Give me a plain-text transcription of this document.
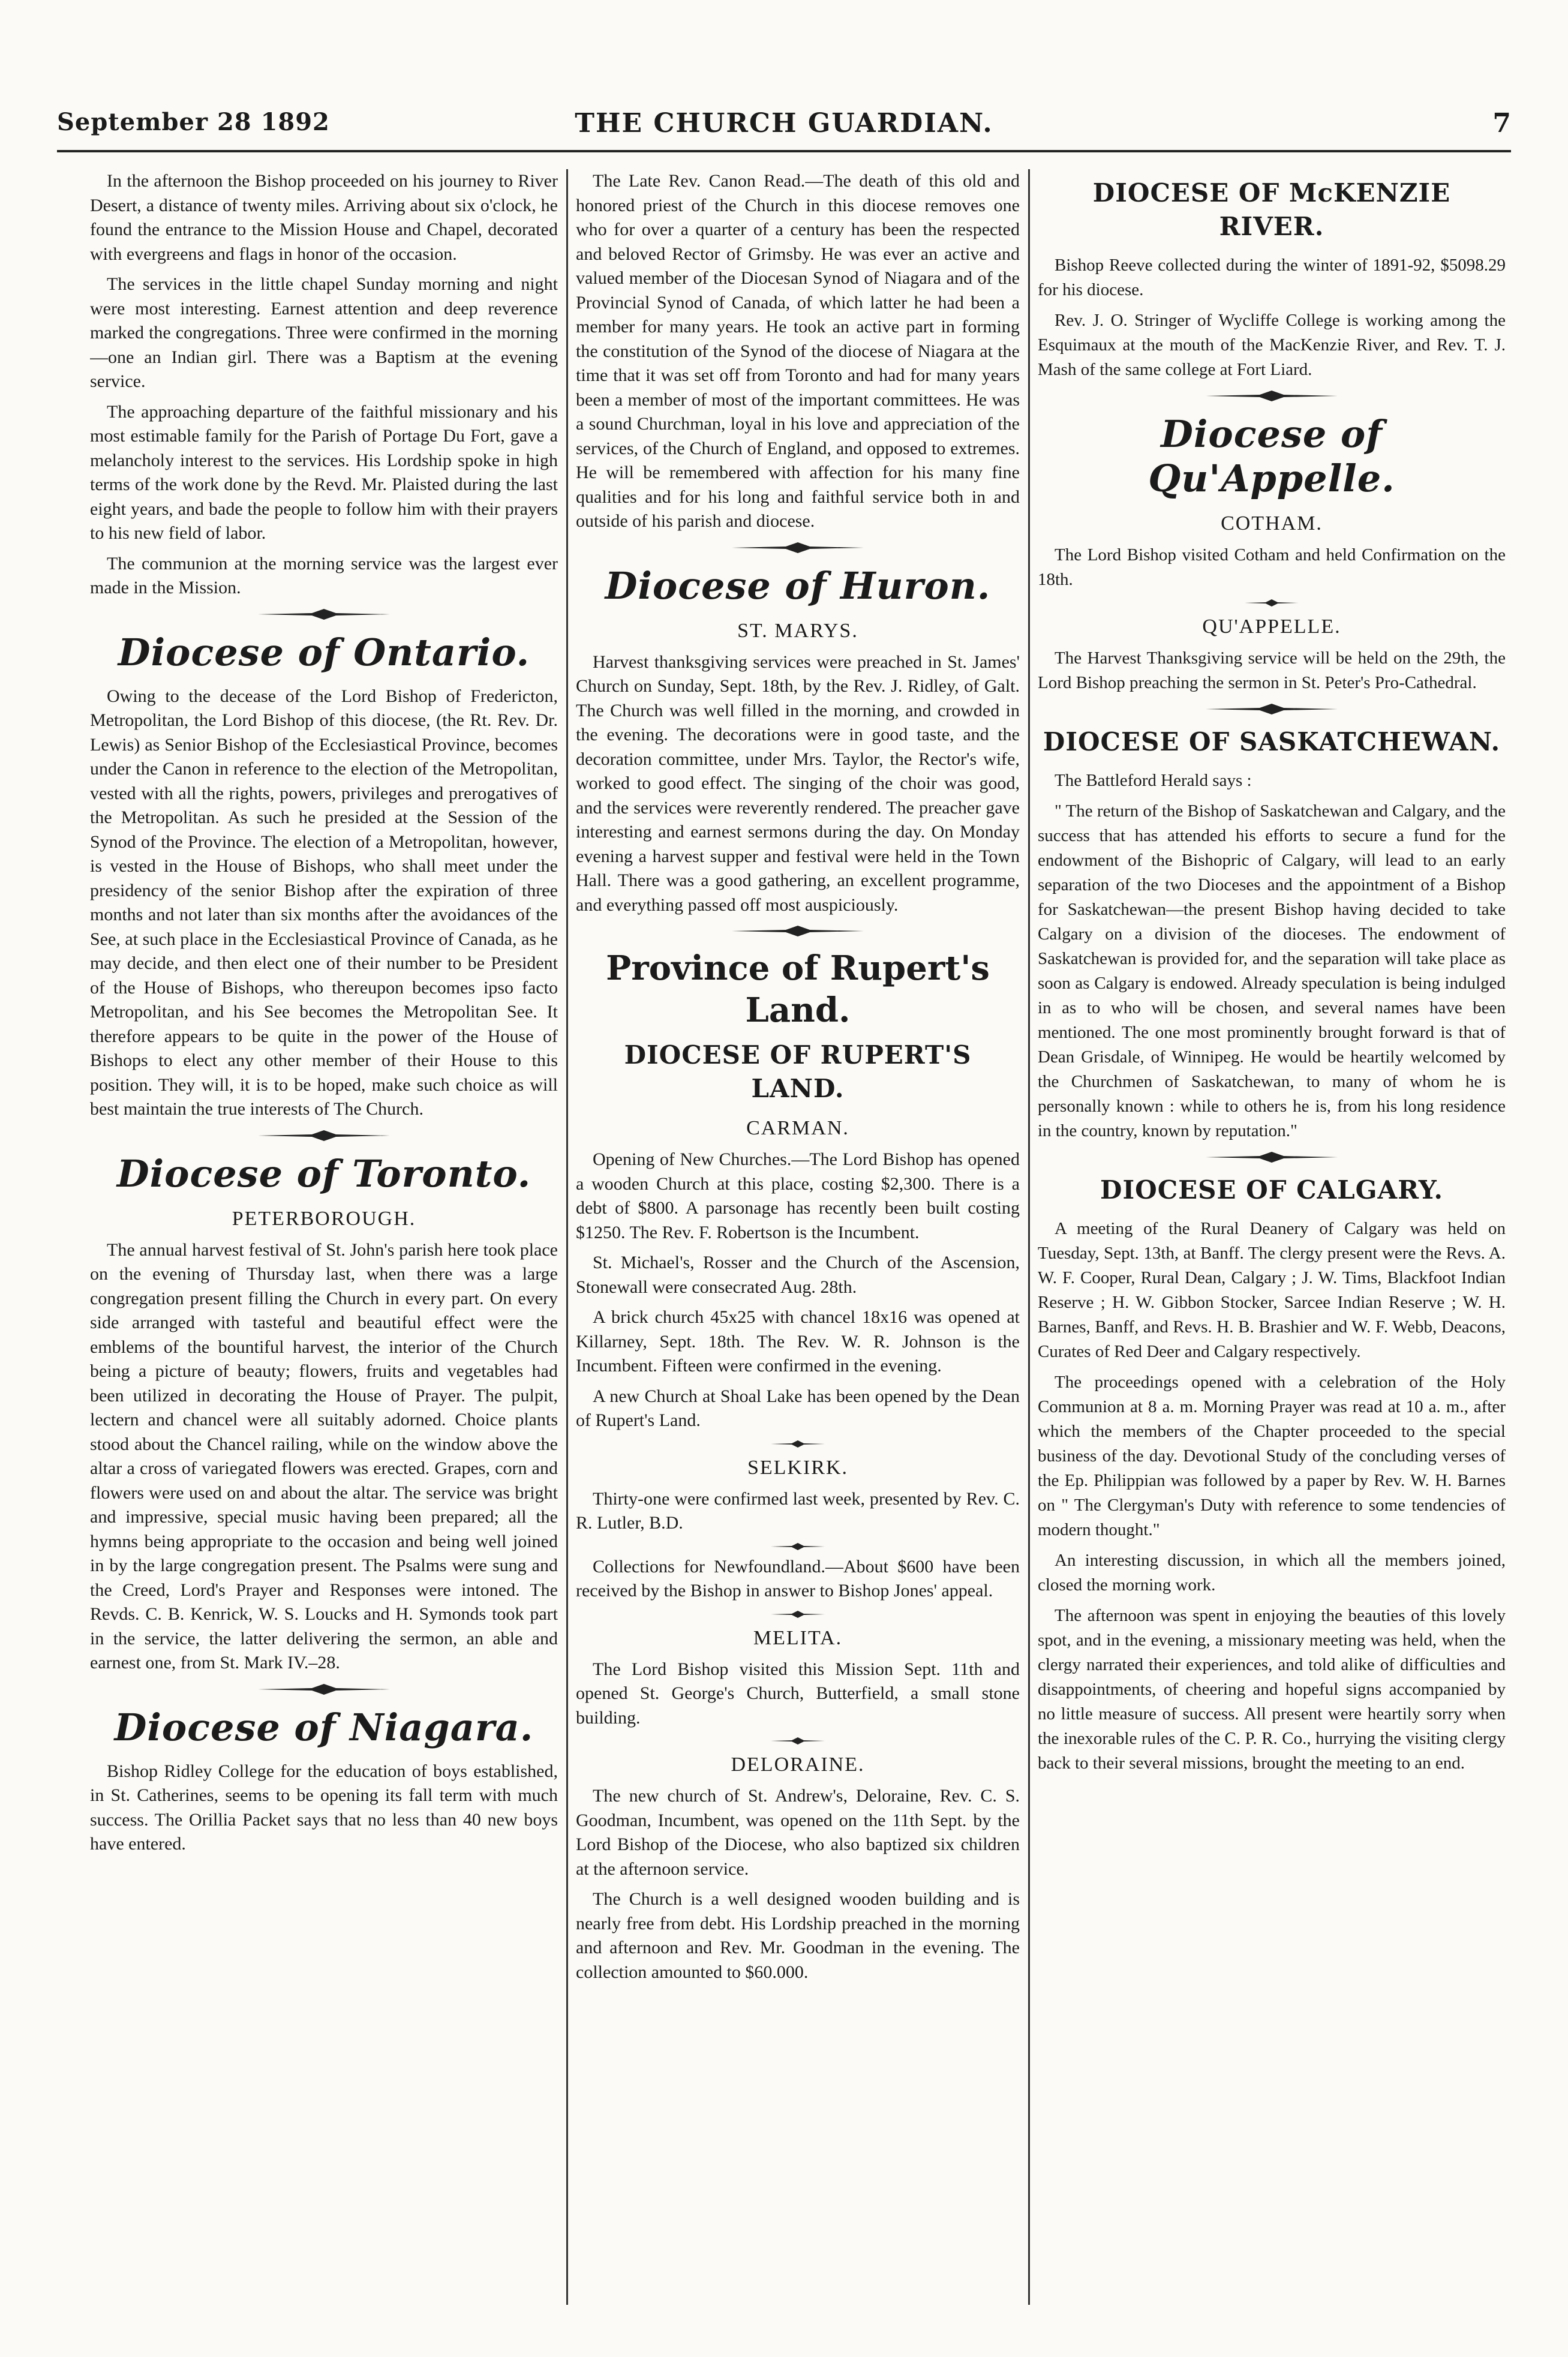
September 28 1892	THE CHURCH GUARDIAN.	7

In the afternoon the Bishop proceeded on his journey to River Desert, a distance of twenty miles. Arriving about six o'clock, he found the entrance to the Mission House and Chapel, decorated with evergreens and flags in honor of the occasion.

The services in the little chapel Sunday morning and night were most interesting. Earnest attention and deep reverence marked the congregations. Three were confirmed in the morning—one an Indian girl. There was a Baptism at the evening service.

The approaching departure of the faithful missionary and his most estimable family for the Parish of Portage Du Fort, gave a melancholy interest to the services. His Lordship spoke in high terms of the work done by the Revd. Mr. Plaisted during the last eight years, and bade the people to follow him with their prayers to his new field of labor.

The communion at the morning service was the largest ever made in the Mission.

Diocese of Ontario.

Owing to the decease of the Lord Bishop of Fredericton, Metropolitan, the Lord Bishop of this diocese, (the Rt. Rev. Dr. Lewis) as Senior Bishop of the Ecclesiastical Province, becomes under the Canon in reference to the election of the Metropolitan, vested with all the rights, powers, privileges and prerogatives of the Metropolitan. As such he presided at the Session of the Synod of the Province. The election of a Metropolitan, however, is vested in the House of Bishops, who shall meet under the presidency of the senior Bishop after the expiration of three months and not later than six months after the avoidances of the See, at such place in the Ecclesiastical Province of Canada, as he may decide, and then elect one of their number to be President of the House of Bishops, who thereupon becomes ipso facto Metropolitan, and his See becomes the Metropolitan See. It therefore appears to be quite in the power of the House of Bishops to elect any other member of their House to this position. They will, it is to be hoped, make such choice as will best maintain the true interests of The Church.

Diocese of Toronto.
PETERBOROUGH.

The annual harvest festival of St. John's parish here took place on the evening of Thursday last, when there was a large congregation present filling the Church in every part. On every side arranged with tasteful and beautiful effect were the emblems of the bountiful harvest, the interior of the Church being a picture of beauty; flowers, fruits and vegetables had been utilized in decorating the House of Prayer. The pulpit, lectern and chancel were all suitably adorned. Choice plants stood about the Chancel railing, while on the window above the altar a cross of variegated flowers was erected. Grapes, corn and flowers were used on and about the altar. The service was bright and impressive, special music having been prepared; all the hymns being appropriate to the occasion and being well joined in by the large congregation present. The Psalms were sung and the Creed, Lord's Prayer and Responses were intoned. The Revds. C. B. Kenrick, W. S. Loucks and H. Symonds took part in the service, the latter delivering the sermon, an able and earnest one, from St. Mark IV.–28.

Diocese of Niagara.

Bishop Ridley College for the education of boys established, in St. Catherines, seems to be opening its fall term with much success. The Orillia Packet says that no less than 40 new boys have entered.

The Late Rev. Canon Read.—The death of this old and honored priest of the Church in this diocese removes one who for over a quarter of a century has been the respected and beloved Rector of Grimsby. He was ever an active and valued member of the Diocesan Synod of Niagara and of the Provincial Synod of Canada, of which latter he had been a member for many years. He took an active part in forming the constitution of the Synod of the diocese of Niagara at the time that it was set off from Toronto and had for many years been a member of most of the important committees. He was a sound Churchman, loyal in his love and appreciation of the services, of the Church of England, and opposed to extremes. He will be remembered with affection for his many fine qualities and for his long and faithful service both in and outside of his parish and diocese.

Diocese of Huron.
ST. MARYS.

Harvest thanksgiving services were preached in St. James' Church on Sunday, Sept. 18th, by the Rev. J. Ridley, of Galt. The Church was well filled in the morning, and crowded in the evening. The decorations were in good taste, and the decoration committee, under Mrs. Taylor, the Rector's wife, worked to good effect. The singing of the choir was good, and the services were reverently rendered. The preacher gave interesting and earnest sermons during the day. On Monday evening a harvest supper and festival were held in the Town Hall. There was a good gathering, an excellent programme, and everything passed off most auspiciously.

Province of Rupert's Land.
DIOCESE OF RUPERT'S LAND.
CARMAN.

Opening of New Churches.—The Lord Bishop has opened a wooden Church at this place, costing $2,300. There is a debt of $800. A parsonage has recently been built costing $1250. The Rev. F. Robertson is the Incumbent.

St. Michael's, Rosser and the Church of the Ascension, Stonewall were consecrated Aug. 28th.

A brick church 45x25 with chancel 18x16 was opened at Killarney, Sept. 18th. The Rev. W. R. Johnson is the Incumbent. Fifteen were confirmed in the evening.

A new Church at Shoal Lake has been opened by the Dean of Rupert's Land.

SELKIRK.

Thirty-one were confirmed last week, presented by Rev. C. R. Lutler, B.D.

Collections for Newfoundland.—About $600 have been received by the Bishop in answer to Bishop Jones' appeal.

MELITA.

The Lord Bishop visited this Mission Sept. 11th and opened St. George's Church, Butterfield, a small stone building.

DELORAINE.

The new church of St. Andrew's, Deloraine, Rev. C. S. Goodman, Incumbent, was opened on the 11th Sept. by the Lord Bishop of the Diocese, who also baptized six children at the afternoon service.

The Church is a well designed wooden building and is nearly free from debt. His Lordship preached in the morning and afternoon and Rev. Mr. Goodman in the evening. The collection amounted to $60.000.

DIOCESE OF McKENZIE RIVER.

Bishop Reeve collected during the winter of 1891-92, $5098.29 for his diocese.

Rev. J. O. Stringer of Wycliffe College is working among the Esquimaux at the mouth of the MacKenzie River, and Rev. T. J. Mash of the same college at Fort Liard.

Diocese of Qu'Appelle.
COTHAM.

The Lord Bishop visited Cotham and held Confirmation on the 18th.

QU'APPELLE.

The Harvest Thanksgiving service will be held on the 29th, the Lord Bishop preaching the sermon in St. Peter's Pro-Cathedral.

DIOCESE OF SASKATCHEWAN.

The Battleford Herald says :

" The return of the Bishop of Saskatchewan and Calgary, and the success that has attended his efforts to secure a fund for the endowment of the Bishopric of Calgary, will lead to an early separation of the two Dioceses and the appointment of a Bishop for Saskatchewan—the present Bishop having decided to take Calgary on a division of the dioceses. The endowment of Saskatchewan is provided for, and the separation will take place as soon as Calgary is endowed. Already speculation is being indulged in as to who will be chosen, and several names have been mentioned. The one most prominently brought forward is that of Dean Grisdale, of Winnipeg. He would be heartily welcomed by the Churchmen of Saskatchewan, to many of whom he is personally known : while to others he is, from his long residence in the country, known by reputation."

DIOCESE OF CALGARY.

A meeting of the Rural Deanery of Calgary was held on Tuesday, Sept. 13th, at Banff. The clergy present were the Revs. A. W. F. Cooper, Rural Dean, Calgary ; J. W. Tims, Blackfoot Indian Reserve ; H. W. Gibbon Stocker, Sarcee Indian Reserve ; W. H. Barnes, Banff, and Revs. H. B. Brashier and W. F. Webb, Deacons, Curates of Red Deer and Calgary respectively.

The proceedings opened with a celebration of the Holy Communion at 8 a. m. Morning Prayer was read at 10 a. m., after which the members of the Chapter proceeded to the special business of the day. Devotional Study of the concluding verses of the Ep. Philippian was followed by a paper by Rev. W. H. Barnes on " The Clergyman's Duty with reference to some tendencies of modern thought."

An interesting discussion, in which all the members joined, closed the morning work.

The afternoon was spent in enjoying the beauties of this lovely spot, and in the evening, a missionary meeting was held, when the clergy narrated their experiences, and told alike of difficulties and disappointments, of cheering and hopeful signs accompanied by no little measure of success. All present were heartily sorry when the inexorable rules of the C. P. R. Co., hurrying the visiting clergy back to their several missions, brought the meeting to an end.
